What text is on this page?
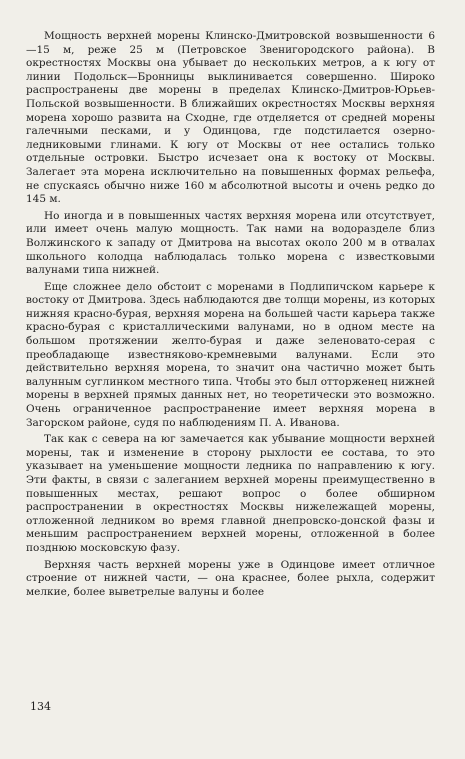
Мощность верхней морены Клинско-Дмитровской возвышенности 6—15 м, реже 25 м (Петровское Звенигородского района). В окрестностях Москвы она убывает до нескольких метров, а к югу от линии Подольск—Бронницы выклинивается совершенно. Широко распространены две морены в пределах Клинско-Дмитров-Юрьев-Польской возвышенности. В ближайших окрестностях Москвы верхняя морена хорошо развита на Сходне, где отделяется от средней морены галечными песками, и у Одинцова, где подстилается озерно-ледниковыми глинами. К югу от Москвы от нее остались только отдельные островки. Быстро исчезает она к востоку от Москвы. Залегает эта морена исключительно на повышенных формах рельефа, не спускаясь обычно ниже 160 м абсолютной высоты и очень редко до 145 м.

Но иногда и в повышенных частях верхняя морена или отсутствует, или имеет очень малую мощность. Так нами на водоразделе близ Волжинского к западу от Дмитрова на высотах около 200 м в отвалах школьного колодца наблюдалась только морена с известковыми валунами типа нижней.

Еще сложнее дело обстоит с моренами в Подлипичском карьере к востоку от Дмитрова. Здесь наблюдаются две толщи морены, из которых нижняя красно-бурая, верхняя морена на большей части карьера также красно-бурая с кристаллическими валунами, но в одном месте на большом протяжении желто-бурая и даже зеленовато-серая с преобладающе известняково-кремневыми валунами. Если это действительно верхняя морена, то значит она частично может быть валунным суглинком местного типа. Чтобы это был отторженец нижней морены в верхней прямых данных нет, но теоретически это возможно. Очень ограниченное распространение имеет верхняя морена в Загорском районе, судя по наблюдениям П. А. Иванова.

Так как с севера на юг замечается как убывание мощности верхней морены, так и изменение в сторону рыхлости ее состава, то это указывает на уменьшение мощности ледника по направлению к югу. Эти факты, в связи с залеганием верхней морены преимущественно в повышенных местах, решают вопрос о более обширном распространении в окрестностях Москвы нижележащей морены, отложенной ледником во время главной днепровско-донской фазы и меньшим распространением верхней морены, отложенной в более позднюю московскую фазу.

Верхняя часть верхней морены уже в Одинцове имеет отличное строение от нижней части, — она краснее, более рыхла, содержит мелкие, более выветрелые валуны и более

134
